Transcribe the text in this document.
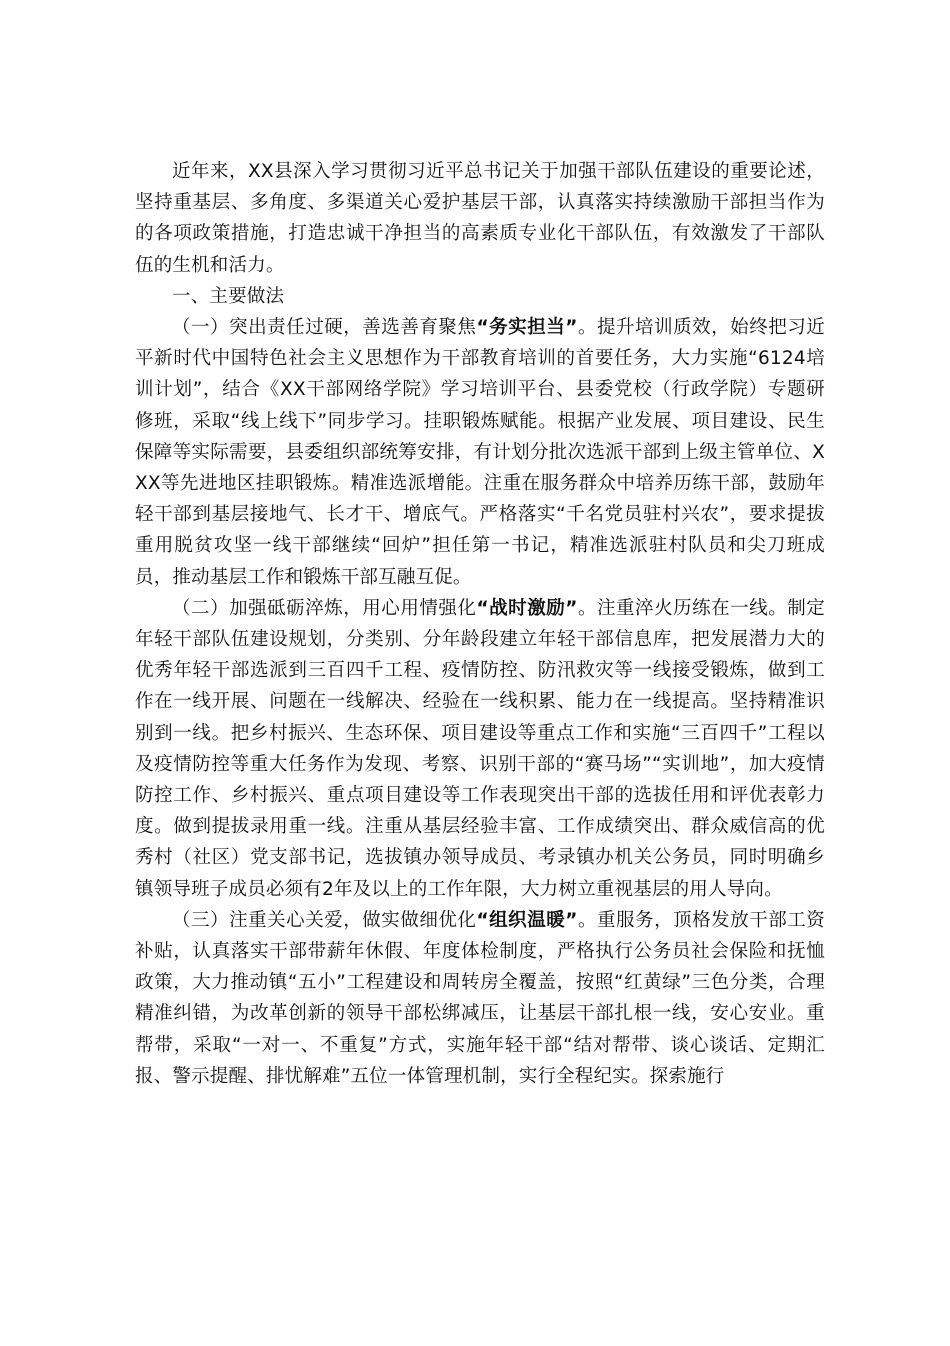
近年来，XX县深入学习贯彻习近平总书记关于加强干部队伍建设的重要论述，坚持重基层、多角度、多渠道关心爱护基层干部，认真落实持续激励干部担当作为的各项政策措施，打造忠诚干净担当的高素质专业化干部队伍，有效激发了干部队伍的生机和活力。

一、主要做法

（一）突出责任过硬，善选善育聚焦“务实担当”。提升培训质效，始终把习近平新时代中国特色社会主义思想作为干部教育培训的首要任务，大力实施“6124培训计划”，结合《XX干部网络学院》学习培训平台、县委党校（行政学院）专题研修班，采取“线上线下”同步学习。挂职锻炼赋能。根据产业发展、项目建设、民生保障等实际需要，县委组织部统筹安排，有计划分批次选派干部到上级主管单位、XXX等先进地区挂职锻炼。精准选派增能。注重在服务群众中培养历练干部，鼓励年轻干部到基层接地气、长才干、增底气。严格落实“千名党员驻村兴农”，要求提拔重用脱贫攻坚一线干部继续“回炉”担任第一书记，精准选派驻村队员和尖刀班成员，推动基层工作和锻炼干部互融互促。

（二）加强砥砺淬炼，用心用情强化“战时激励”。注重淬火历练在一线。制定年轻干部队伍建设规划，分类别、分年龄段建立年轻干部信息库，把发展潜力大的优秀年轻干部选派到三百四千工程、疫情防控、防汛救灾等一线接受锻炼，做到工作在一线开展、问题在一线解决、经验在一线积累、能力在一线提高。坚持精准识别到一线。把乡村振兴、生态环保、项目建设等重点工作和实施“三百四千”工程以及疫情防控等重大任务作为发现、考察、识别干部的“赛马场”“实训地”，加大疫情防控工作、乡村振兴、重点项目建设等工作表现突出干部的选拔任用和评优表彰力度。做到提拔录用重一线。注重从基层经验丰富、工作成绩突出、群众威信高的优秀村（社区）党支部书记，选拔镇办领导成员、考录镇办机关公务员，同时明确乡镇领导班子成员必须有2年及以上的工作年限，大力树立重视基层的用人导向。

（三）注重关心关爱，做实做细优化“组织温暖”。重服务，顶格发放干部工资补贴，认真落实干部带薪年休假、年度体检制度，严格执行公务员社会保险和抚恤政策，大力推动镇“五小”工程建设和周转房全覆盖，按照“红黄绿”三色分类，合理精准纠错，为改革创新的领导干部松绑减压，让基层干部扎根一线，安心安业。重帮带，采取“一对一、不重复”方式，实施年轻干部“结对帮带、谈心谈话、定期汇报、警示提醒、排忧解难”五位一体管理机制，实行全程纪实。探索施行
